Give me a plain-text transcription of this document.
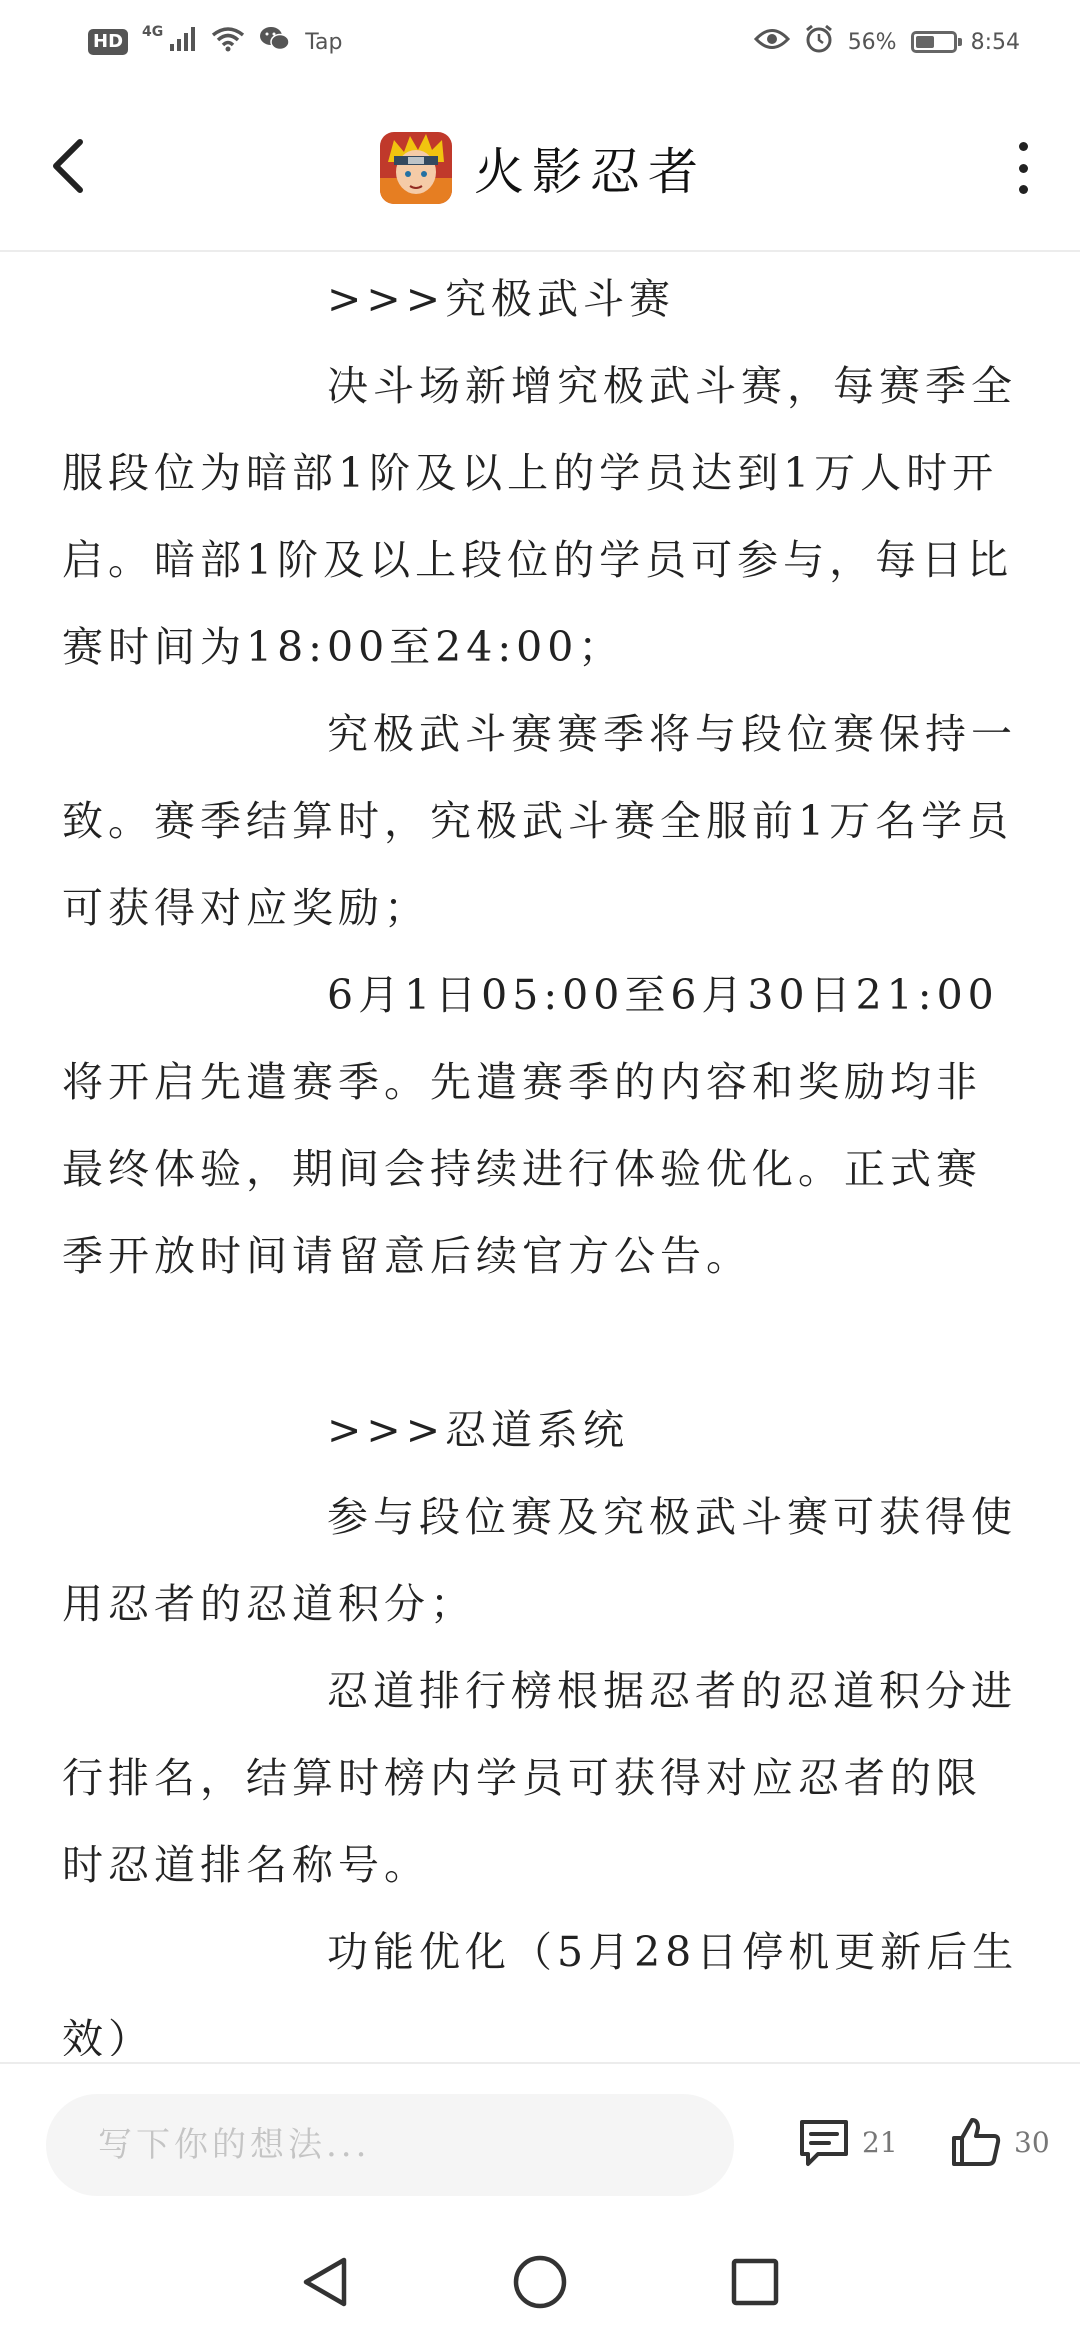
HD	4G	Tap	56%	8:54
火影忍者

>>>究极武斗赛

决斗场新增究极武斗赛，每赛季全服段位为暗部1阶及以上的学员达到1万人时开启。暗部1阶及以上段位的学员可参与，每日比赛时间为18:00至24:00；

究极武斗赛赛季将与段位赛保持一致。赛季结算时，究极武斗赛全服前1万名学员可获得对应奖励；

6月1日05:00至6月30日21:00将开启先遣赛季。先遣赛季的内容和奖励均非最终体验，期间会持续进行体验优化。正式赛季开放时间请留意后续官方公告。

>>>忍道系统

参与段位赛及究极武斗赛可获得使用忍者的忍道积分；

忍道排行榜根据忍者的忍道积分进行排名，结算时榜内学员可获得对应忍者的限时忍道排名称号。

功能优化（5月28日停机更新后生效）

写下你的想法...
21	30
